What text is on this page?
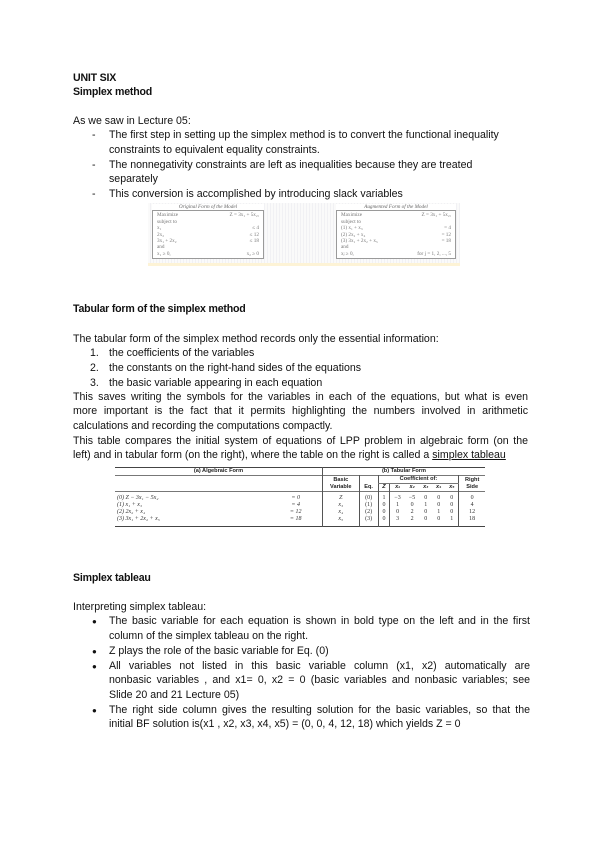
UNIT SIX
Simplex method
As we saw in Lecture 05:
- The first step in setting up the simplex method is to convert the functional inequality
constraints to equivalent equality constraints.
- The nonnegativity constraints are left as inequalities because they are treated
separately
- This conversion is accomplished by introducing slack variables
Original Form of the Model
Maximize	Z = 3x₁ + 5x₂,
subject to
x₁	≤ 4
2x₂	≤ 12
3x₁ + 2x₂	≤ 18
and
x₁ ≥ 0,	x₂ ≥ 0
Augmented Form of the Model
Maximize	Z = 3x₁ + 5x₂,
subject to
(1) x₁ + x₃	= 4
(2) 2x₂ + x₄	= 12
(3) 3x₁ + 2x₂ + x₅	= 18
and
xⱼ ≥ 0,	for j = 1, 2, ..., 5
Tabular form of the simplex method
The tabular form of the simplex method records only the essential information:
1. the coefficients of the variables
2. the constants on the right-hand sides of the equations
3. the basic variable appearing in each equation
This saves writing the symbols for the variables in each of the equations, but what is even
more important is the fact that it permits highlighting the numbers involved in arithmetic
calculations and recording the computations compactly.
This table compares the initial system of equations of LPP problem in algebraic form (on the
left) and in tabular form (on the right), where the table on the right is called a simplex tableau
(a) Algebraic Form		(b) Tabular Form								
		Basic
Variable	Eq.	Coefficient of:						Right
Side
				Z	x₁	x₂	x₃	x₄	x₅	
(0) Z − 3x₁ − 5x₂	= 0	Z	(0)	1	−3	−5	0	0	0	0
(1) x₁ + x₃	= 4	x₃	(1)	0	1	0	1	0	0	4
(2) 2x₂ + x₄	= 12	x₄	(2)	0	0	2	0	1	0	12
(3) 3x₁ + 2x₂ + x₅	= 18	x₅	(3)	0	3	2	0	0	1	18
Simplex tableau
Interpreting simplex tableau:
● The basic variable for each equation is shown in bold type on the left and in the first
column of the simplex tableau on the right.
● Z plays the role of the basic variable for Eq. (0)
● All variables not listed in this basic variable column (x1, x2) automatically are
nonbasic variables , and x1= 0, x2 = 0 (basic variables and nonbasic variables; see
Slide 20 and 21 Lecture 05)
● The right side column gives the resulting solution for the basic variables, so that the
initial BF solution is(x1 , x2, x3, x4, x5) = (0, 0, 4, 12, 18) which yields Z = 0
